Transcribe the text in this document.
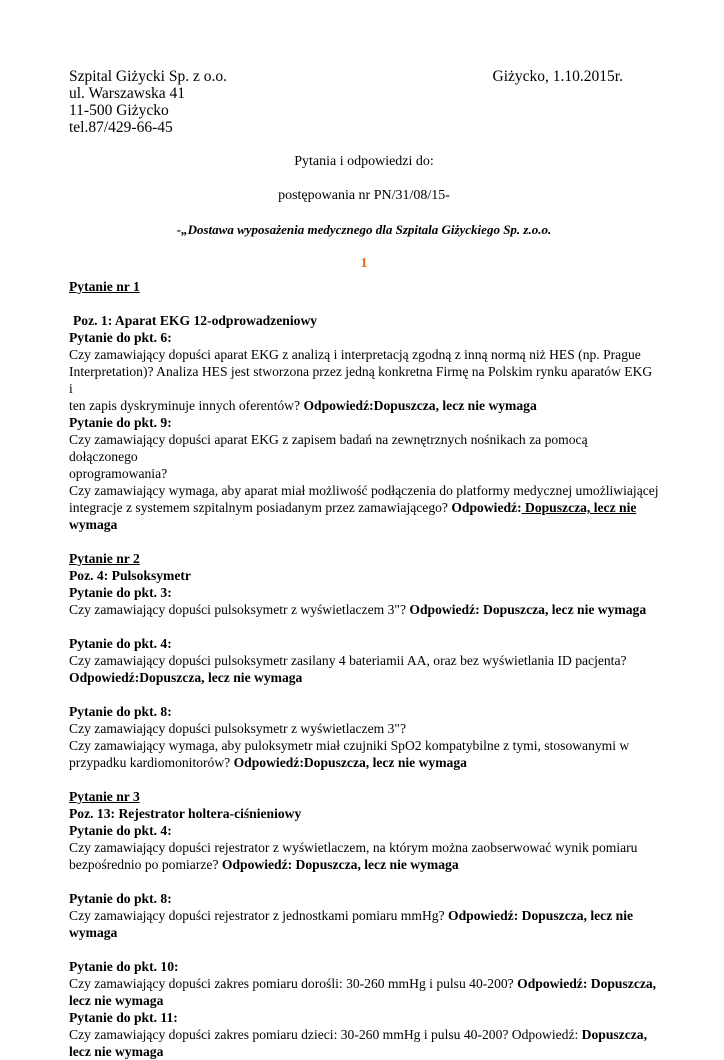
Szpital Giżycki Sp. z o.o.	Giżycko, 1.10.2015r.
ul. Warszawska 41
11-500 Giżycko
tel.87/429-66-45
Pytania i odpowiedzi do:
postępowania nr PN/31/08/15-
-„Dostawa wyposażenia medycznego dla Szpitala Giżyckiego Sp. z.o.o.
1
Pytanie nr 1
Poz. 1: Aparat EKG 12-odprowadzeniowy
Pytanie do pkt. 6:
Czy zamawiający dopuści aparat EKG z analizą i interpretacją zgodną z inną normą niż HES (np. Prague
Interpretation)? Analiza HES jest stworzona przez jedną konkretna Firmę na Polskim rynku aparatów EKG i
ten zapis dyskryminuje innych oferentów? Odpowiedź:Dopuszcza, lecz nie wymaga
Pytanie do pkt. 9:
Czy zamawiający dopuści aparat EKG z zapisem badań na zewnętrznych nośnikach za pomocą dołączonego
oprogramowania?
Czy zamawiający wymaga, aby aparat miał możliwość podłączenia do platformy medycznej umożliwiającej
integracje z systemem szpitalnym posiadanym przez zamawiającego? Odpowiedź: Dopuszcza, lecz nie
wymaga
Pytanie nr 2
Poz. 4: Pulsoksymetr
Pytanie do pkt. 3:
Czy zamawiający dopuści pulsoksymetr z wyświetlaczem 3"? Odpowiedź: Dopuszcza, lecz nie wymaga
Pytanie do pkt. 4:
Czy zamawiający dopuści pulsoksymetr zasilany 4 bateriamii AA, oraz bez wyświetlania ID pacjenta?
Odpowiedź:Dopuszcza, lecz nie wymaga
Pytanie do pkt. 8:
Czy zamawiający dopuści pulsoksymetr z wyświetlaczem 3"?
Czy zamawiający wymaga, aby puloksymetr miał czujniki SpO2 kompatybilne z tymi, stosowanymi w
przypadku kardiomonitorów? Odpowiedź:Dopuszcza, lecz nie wymaga
Pytanie nr 3
Poz. 13: Rejestrator holtera-ciśnieniowy
Pytanie do pkt. 4:
Czy zamawiający dopuści rejestrator z wyświetlaczem, na którym można zaobserwować wynik pomiaru
bezpośrednio po pomiarze? Odpowiedź: Dopuszcza, lecz nie wymaga
Pytanie do pkt. 8:
Czy zamawiający dopuści rejestrator z jednostkami pomiaru mmHg? Odpowiedź: Dopuszcza, lecz nie
wymaga
Pytanie do pkt. 10:
Czy zamawiający dopuści zakres pomiaru dorośli: 30-260 mmHg i pulsu 40-200? Odpowiedź: Dopuszcza,
lecz nie wymaga
Pytanie do pkt. 11:
Czy zamawiający dopuści zakres pomiaru dzieci: 30-260 mmHg i pulsu 40-200? Odpowiedź: Dopuszcza,
lecz nie wymaga
